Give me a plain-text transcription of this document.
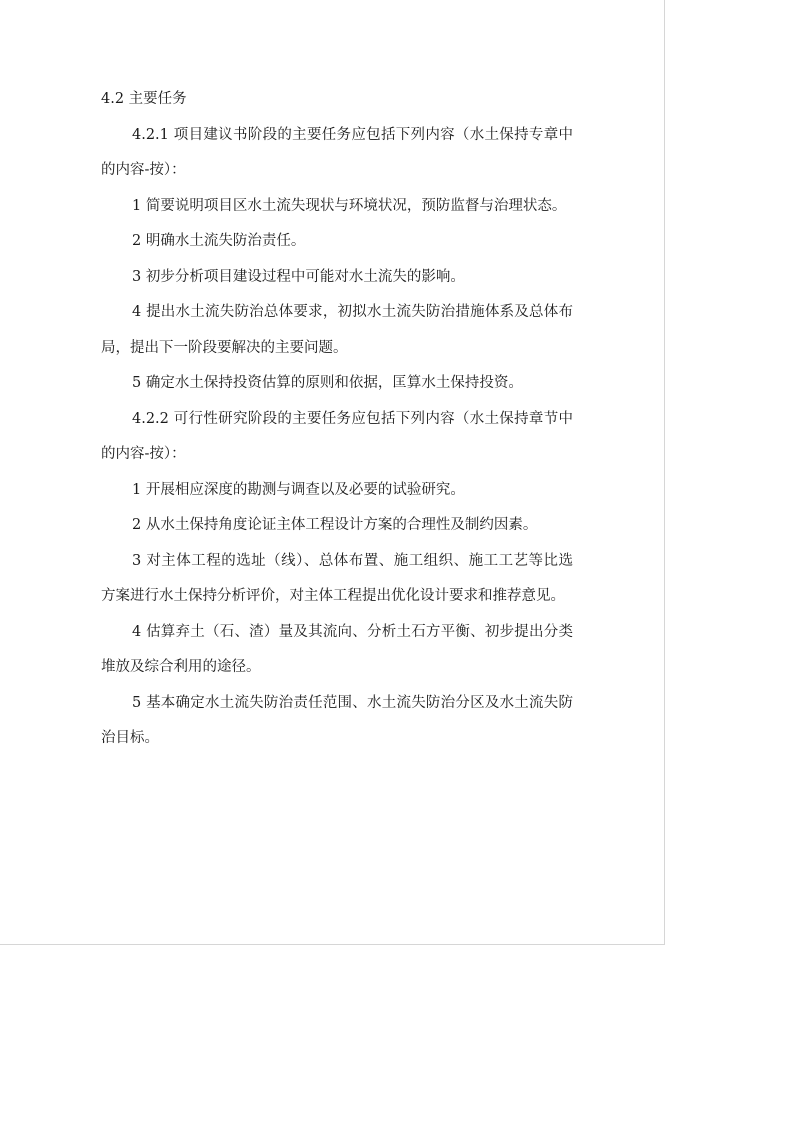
4.2 主要任务

4.2.1 项目建议书阶段的主要任务应包括下列内容（水土保持专章中的内容-按）：

1 简要说明项目区水土流失现状与环境状况，预防监督与治理状态。

2 明确水土流失防治责任。

3 初步分析项目建设过程中可能对水土流失的影响。

4 提出水土流失防治总体要求，初拟水土流失防治措施体系及总体布局，提出下一阶段要解决的主要问题。

5 确定水土保持投资估算的原则和依据，匡算水土保持投资。

4.2.2 可行性研究阶段的主要任务应包括下列内容（水土保持章节中的内容-按）：

1 开展相应深度的勘测与调查以及必要的试验研究。

2 从水土保持角度论证主体工程设计方案的合理性及制约因素。

3 对主体工程的选址（线）、总体布置、施工组织、施工工艺等比选方案进行水土保持分析评价，对主体工程提出优化设计要求和推荐意见。

4 估算弃土（石、渣）量及其流向、分析土石方平衡、初步提出分类堆放及综合利用的途径。

5 基本确定水土流失防治责任范围、水土流失防治分区及水土流失防治目标。
